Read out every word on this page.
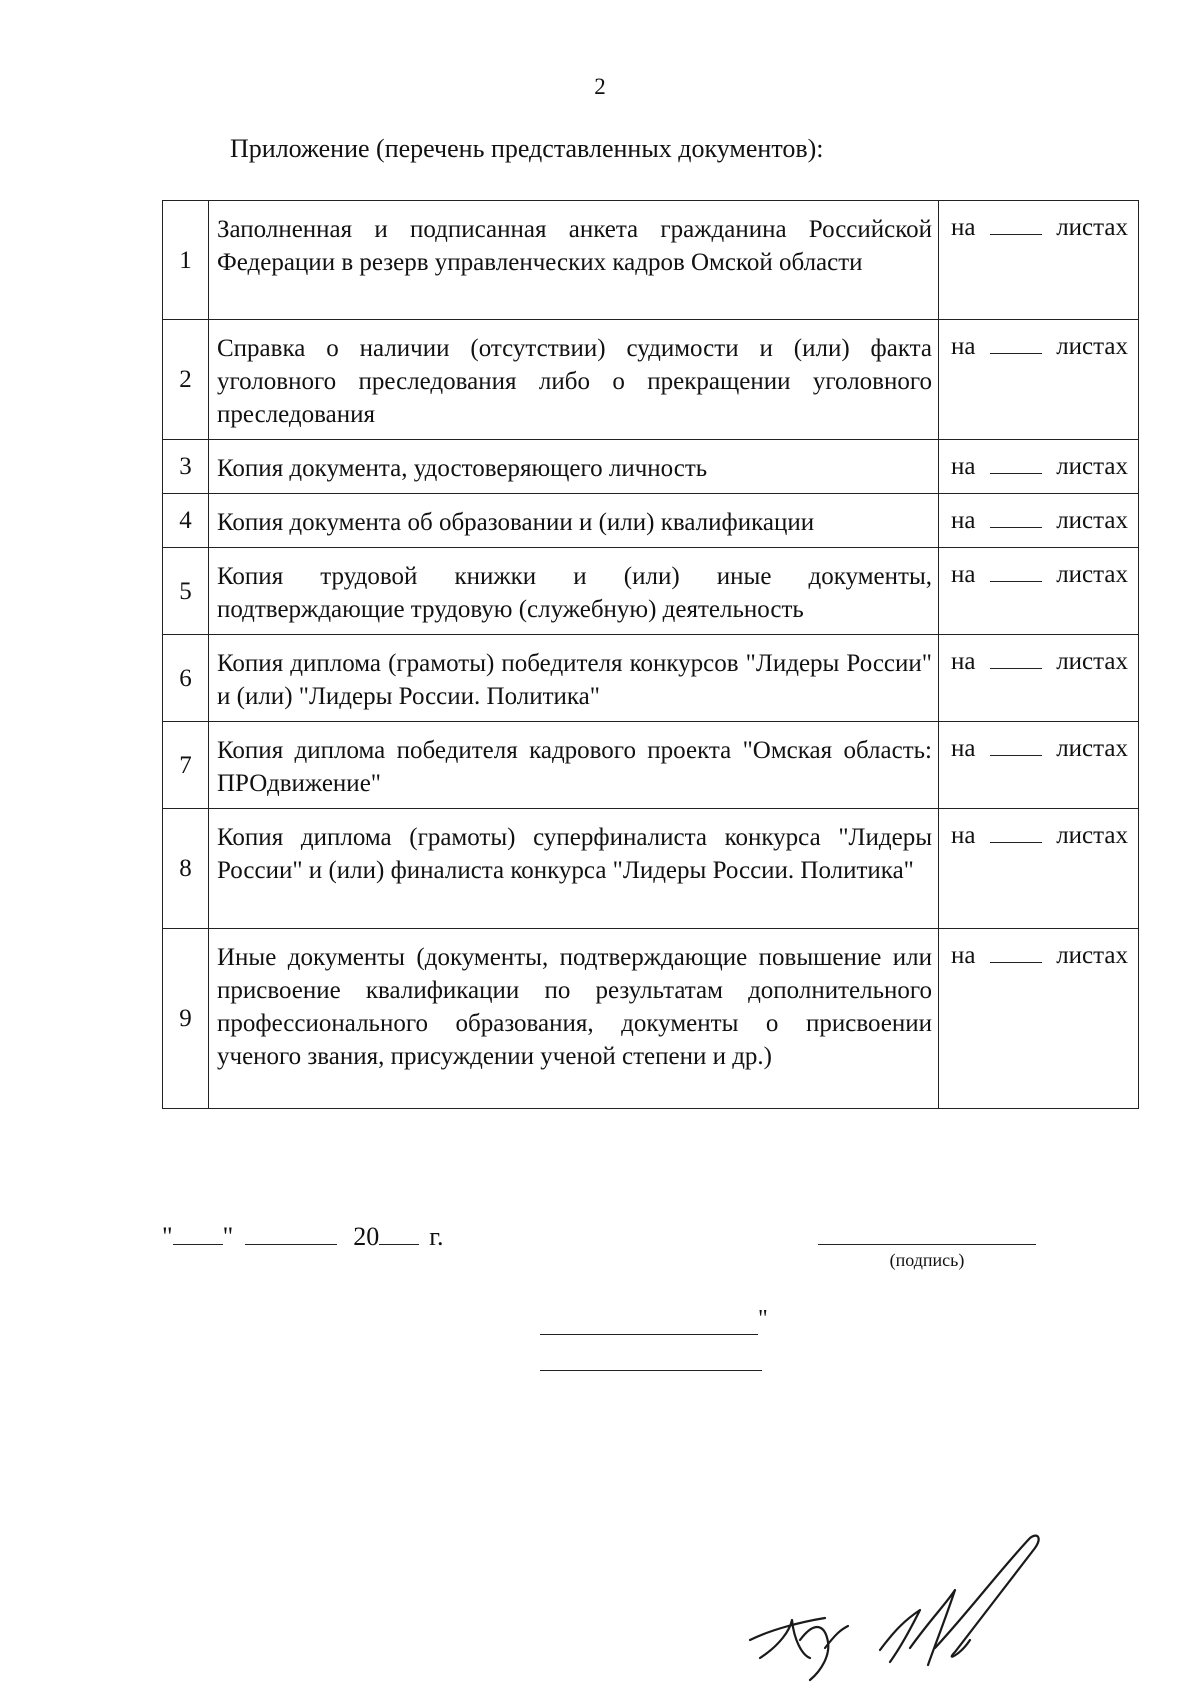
2
Приложение (перечень представленных документов):
1	Заполненная и подписанная анкета гражданина Российской Федерации в резерв управленческих кадров Омской области	на листах

2	Справка о наличии (отсутствии) судимости и (или) факта уголовного преследования либо о прекращении уголовного преследования	на листах

3	Копия документа, удостоверяющего личность	на листах

4	Копия документа об образовании и (или) квалификации	на листах

5	Копия трудовой книжки и (или) иные документы, подтверждающие трудовую (служебную) деятельность	на листах

6	Копия диплома (грамоты) победителя конкурсов "Лидеры России" и (или) "Лидеры России. Политика"	на листах

7	Копия диплома победителя кадрового проекта "Омская область: ПРОдвижение"	на листах

8	Копия диплома (грамоты) суперфиналиста конкурса "Лидеры России" и (или) финалиста конкурса "Лидеры России. Политика"	на листах

9	Иные документы (документы, подтверждающие повышение или присвоение квалификации по результатам дополнительного профессионального образования, документы о присвоении ученого звания, присуждении ученой степени и др.)	на листах
" "	20 г.
(подпись)
"
